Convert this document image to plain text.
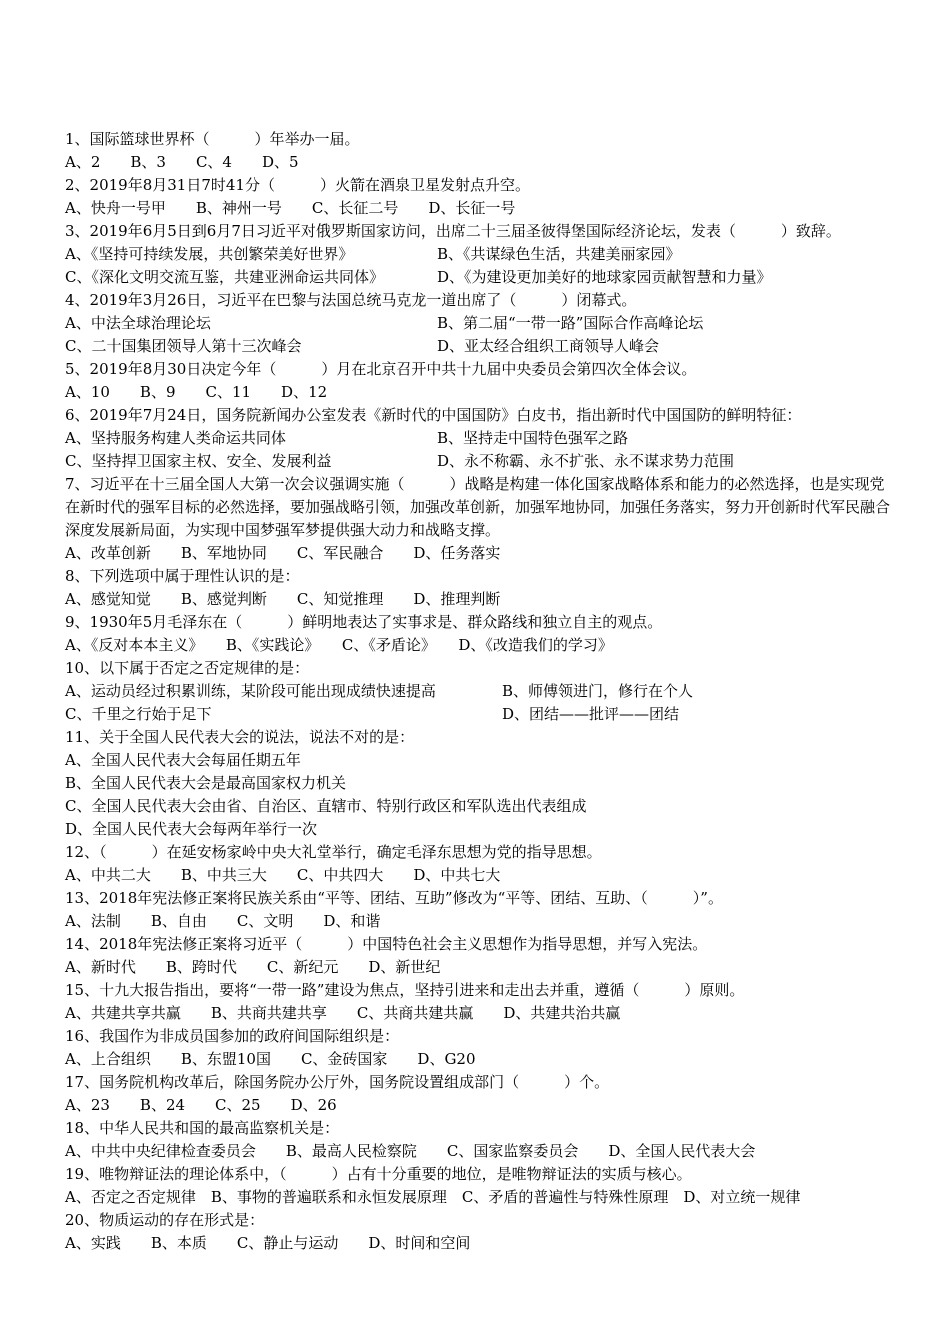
1、国际篮球世界杯（　　　）年举办一届。
A、2　　B、3　　C、4　　D、5
2、2019年8月31日7时41分（　　　）火箭在酒泉卫星发射点升空。
A、快舟一号甲　　B、神州一号　　C、长征二号　　D、长征一号
3、2019年6月5日到6月7日习近平对俄罗斯国家访问，出席二十三届圣彼得堡国际经济论坛，发表（　　　）致辞。
A、《坚持可持续发展，共创繁荣美好世界》	B、《共谋绿色生活，共建美丽家园》
C、《深化文明交流互鉴，共建亚洲命运共同体》	D、《为建设更加美好的地球家园贡献智慧和力量》
4、2019年3月26日，习近平在巴黎与法国总统马克龙一道出席了（　　　）闭幕式。
A、中法全球治理论坛	B、第二届“一带一路”国际合作高峰论坛
C、二十国集团领导人第十三次峰会	D、亚太经合组织工商领导人峰会
5、2019年8月30日决定今年（　　　）月在北京召开中共十九届中央委员会第四次全体会议。
A、10　　B、9　　C、11　　D、12
6、2019年7月24日，国务院新闻办公室发表《新时代的中国国防》白皮书，指出新时代中国国防的鲜明特征：
A、坚持服务构建人类命运共同体	B、坚持走中国特色强军之路
C、坚持捍卫国家主权、安全、发展利益	D、永不称霸、永不扩张、永不谋求势力范围
7、习近平在十三届全国人大第一次会议强调实施（　　　）战略是构建一体化国家战略体系和能力的必然选择，也是实现党在新时代的强军目标的必然选择，要加强战略引领，加强改革创新，加强军地协同，加强任务落实，努力开创新时代军民融合深度发展新局面，为实现中国梦强军梦提供强大动力和战略支撑。
A、改革创新　　B、军地协同　　C、军民融合　　D、任务落实
8、下列选项中属于理性认识的是：
A、感觉知觉　　B、感觉判断　　C、知觉推理　　D、推理判断
9、1930年5月毛泽东在（　　　）鲜明地表达了实事求是、群众路线和独立自主的观点。
A、《反对本本主义》　　B、《实践论》　　C、《矛盾论》　　D、《改造我们的学习》
10、以下属于否定之否定规律的是：
A、运动员经过积累训练，某阶段可能出现成绩快速提高	B、师傅领进门，修行在个人
C、千里之行始于足下	D、团结——批评——团结
11、关于全国人民代表大会的说法，说法不对的是：
A、全国人民代表大会每届任期五年
B、全国人民代表大会是最高国家权力机关
C、全国人民代表大会由省、自治区、直辖市、特别行政区和军队选出代表组成
D、全国人民代表大会每两年举行一次
12、（　　　）在延安杨家岭中央大礼堂举行，确定毛泽东思想为党的指导思想。
A、中共二大　　B、中共三大　　C、中共四大　　D、中共七大
13、2018年宪法修正案将民族关系由“平等、团结、互助”修改为“平等、团结、互助、（　　　）”。
A、法制　　B、自由　　C、文明　　D、和谐
14、2018年宪法修正案将习近平（　　　）中国特色社会主义思想作为指导思想，并写入宪法。
A、新时代　　B、跨时代　　C、新纪元　　D、新世纪
15、十九大报告指出，要将“一带一路”建设为焦点，坚持引进来和走出去并重，遵循（　　　）原则。
A、共建共享共赢　　B、共商共建共享　　C、共商共建共赢　　D、共建共治共赢
16、我国作为非成员国参加的政府间国际组织是：
A、上合组织　　B、东盟10国　　C、金砖国家　　D、G20
17、国务院机构改革后，除国务院办公厅外，国务院设置组成部门（　　　）个。
A、23　　B、24　　C、25　　D、26
18、中华人民共和国的最高监察机关是：
A、中共中央纪律检查委员会　　B、最高人民检察院　　C、国家监察委员会　　D、全国人民代表大会
19、唯物辩证法的理论体系中，（　　　）占有十分重要的地位，是唯物辩证法的实质与核心。
A、否定之否定规律　B、事物的普遍联系和永恒发展原理　C、矛盾的普遍性与特殊性原理　D、对立统一规律
20、物质运动的存在形式是：
A、实践　　B、本质　　C、静止与运动　　D、时间和空间
